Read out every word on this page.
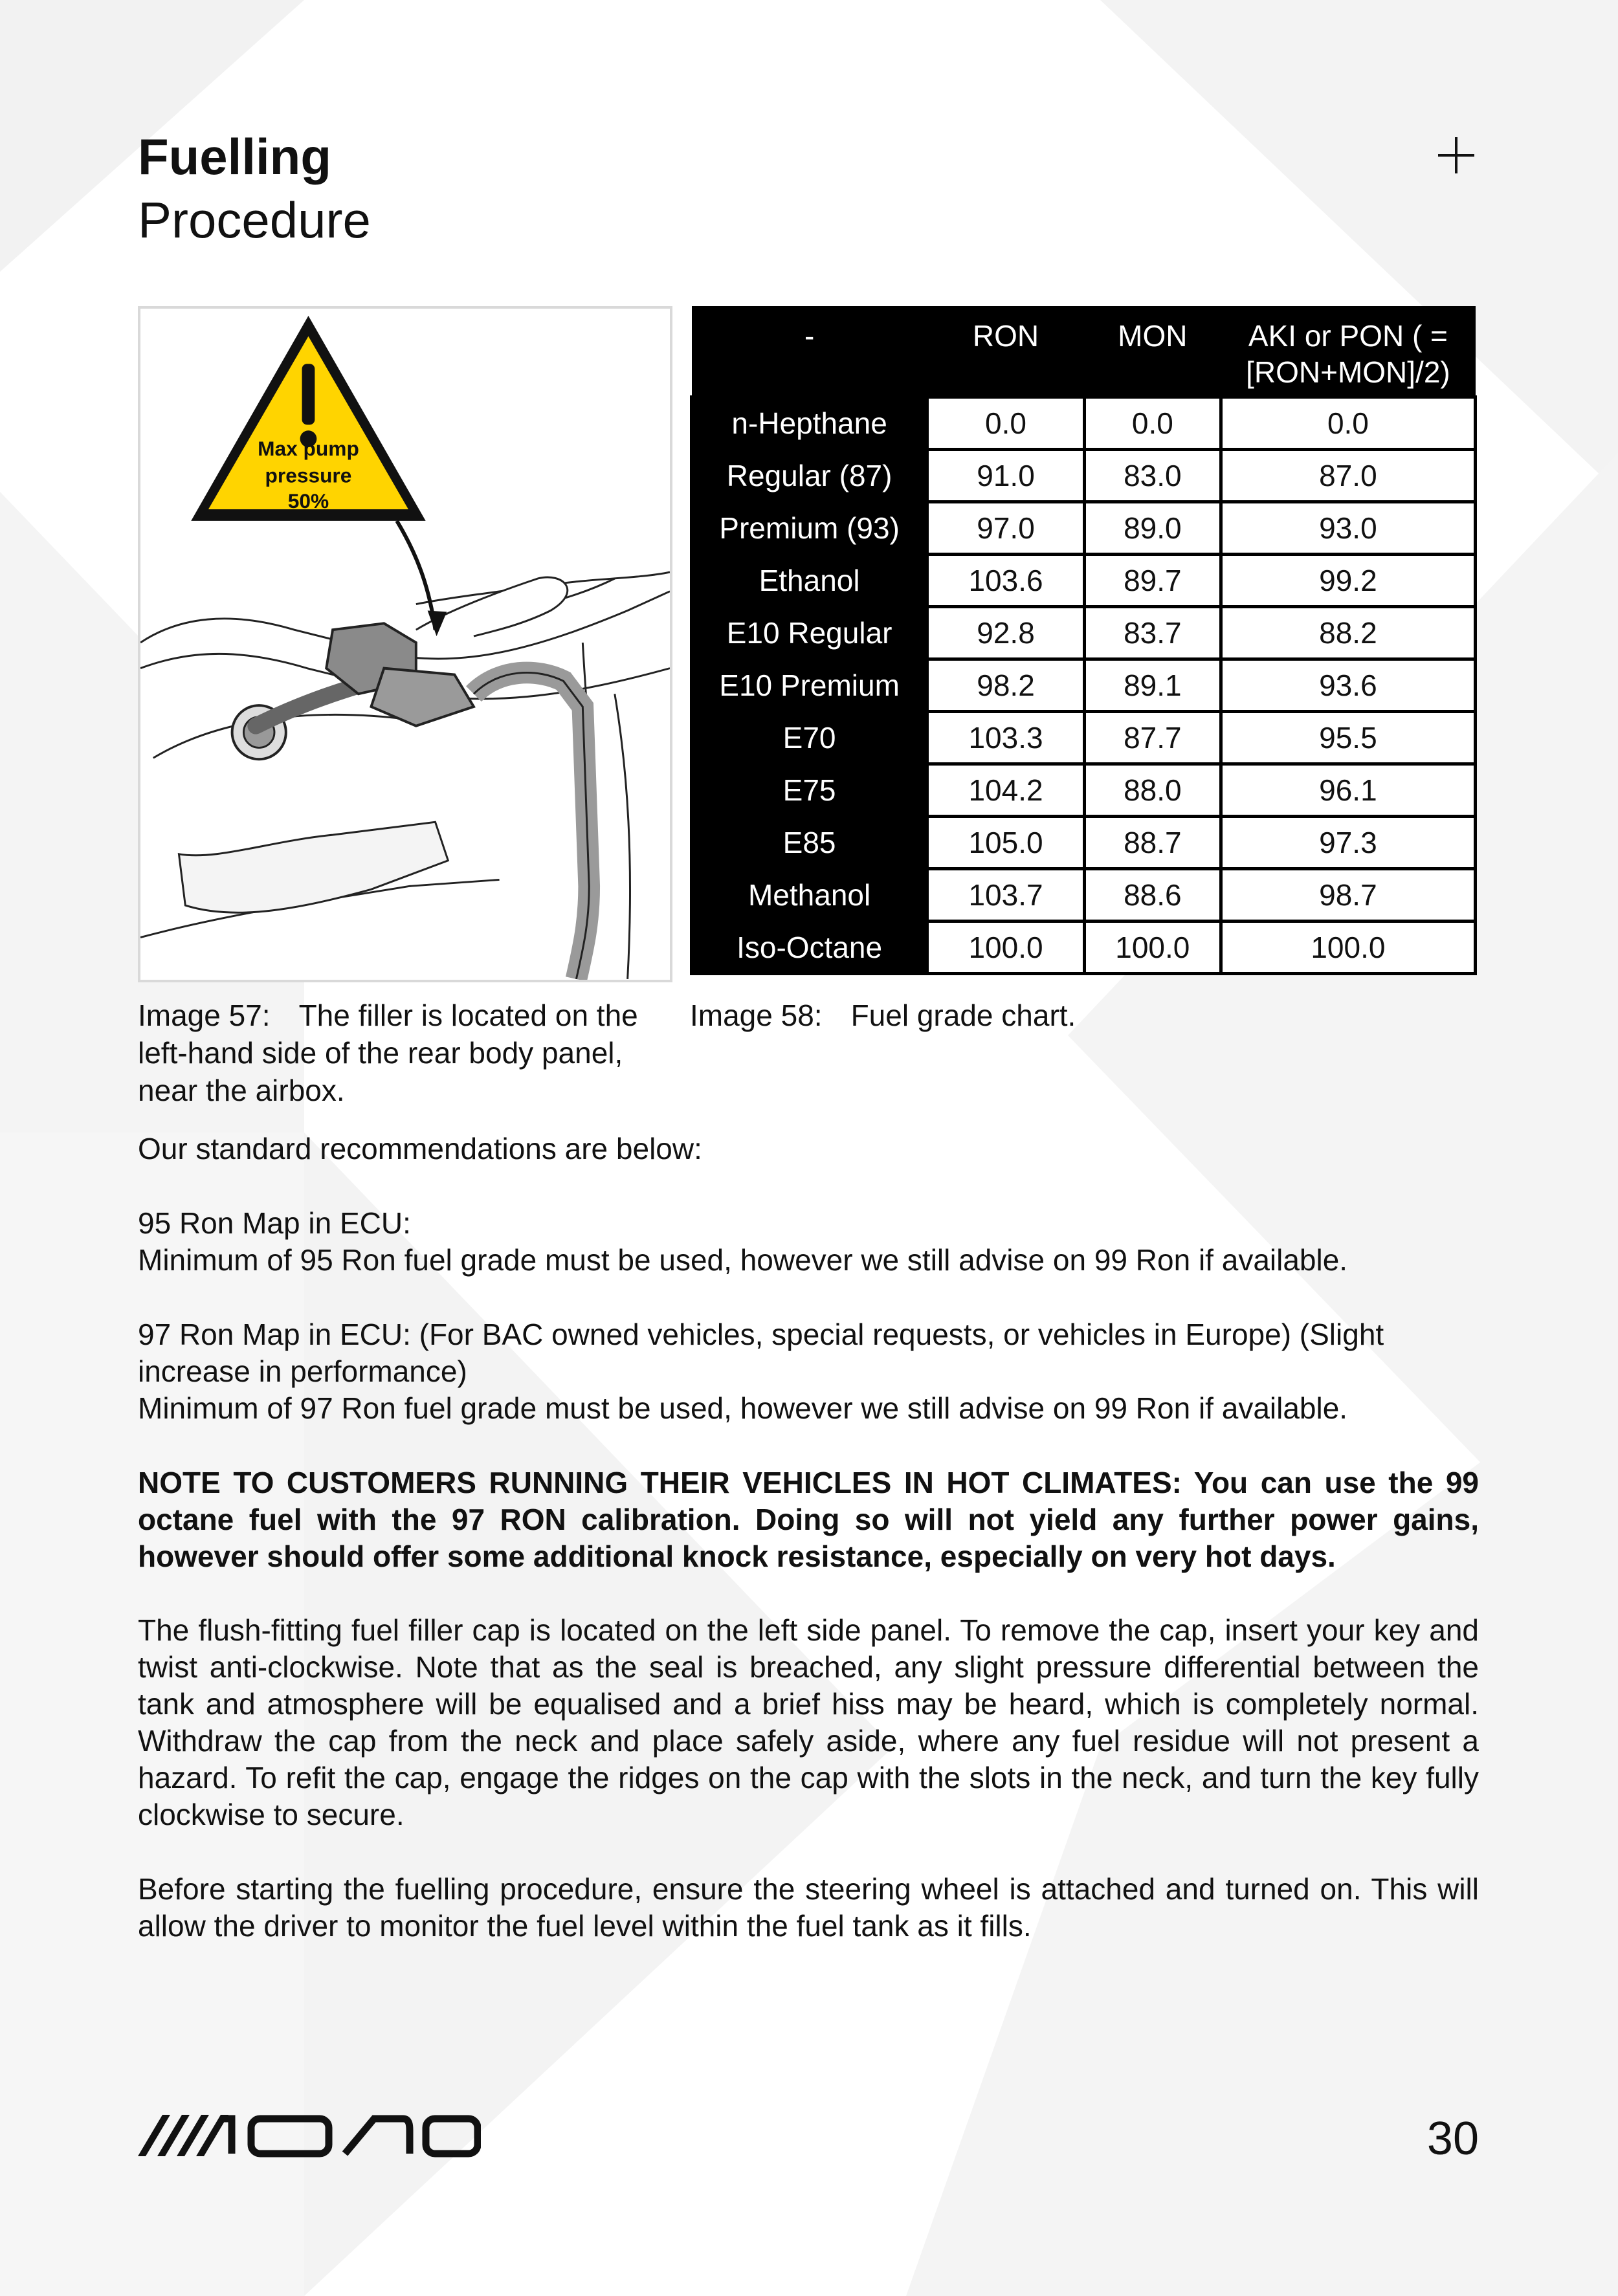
Fuelling
Procedure
Max pump
pressure
50%
-	RON	MON	AKI or PON ( = [RON+MON]/2)
n-Hepthane	0.0	0.0	0.0
Regular (87)	91.0	83.0	87.0
Premium (93)	97.0	89.0	93.0
Ethanol	103.6	89.7	99.2
E10 Regular	92.8	83.7	88.2
E10 Premium	98.2	89.1	93.6
E70	103.3	87.7	95.5
E75	104.2	88.0	96.1
E85	105.0	88.7	97.3
Methanol	103.7	88.6	98.7
Iso-Octane	100.0	100.0	100.0
Image 57: The filler is located on the left-hand side of the rear body panel, near the airbox.
Image 58: Fuel grade chart.
Our standard recommendations are below:
95 Ron Map in ECU:
Minimum of 95 Ron fuel grade must be used, however we still advise on 99 Ron if available.
97 Ron Map in ECU: (For BAC owned vehicles, special requests, or vehicles in Europe) (Slight increase in performance)
Minimum of 97 Ron fuel grade must be used, however we still advise on 99 Ron if available.
NOTE TO CUSTOMERS RUNNING THEIR VEHICLES IN HOT CLIMATES: You can use the 99 octane fuel with the 97 RON calibration. Doing so will not yield any further power gains, however should offer some additional knock resistance, especially on very hot days.
The flush-fitting fuel filler cap is located on the left side panel. To remove the cap, insert your key and twist anti-clockwise. Note that as the seal is breached, any slight pressure differential between the tank and atmosphere will be equalised and a brief hiss may be heard, which is completely normal. Withdraw the cap from the neck and place safely aside, where any fuel residue will not present a hazard. To refit the cap, engage the ridges on the cap with the slots in the neck, and turn the key fully clockwise to secure.
Before starting the fuelling procedure, ensure the steering wheel is attached and turned on. This will allow the driver to monitor the fuel level within the fuel tank as it fills.
30
